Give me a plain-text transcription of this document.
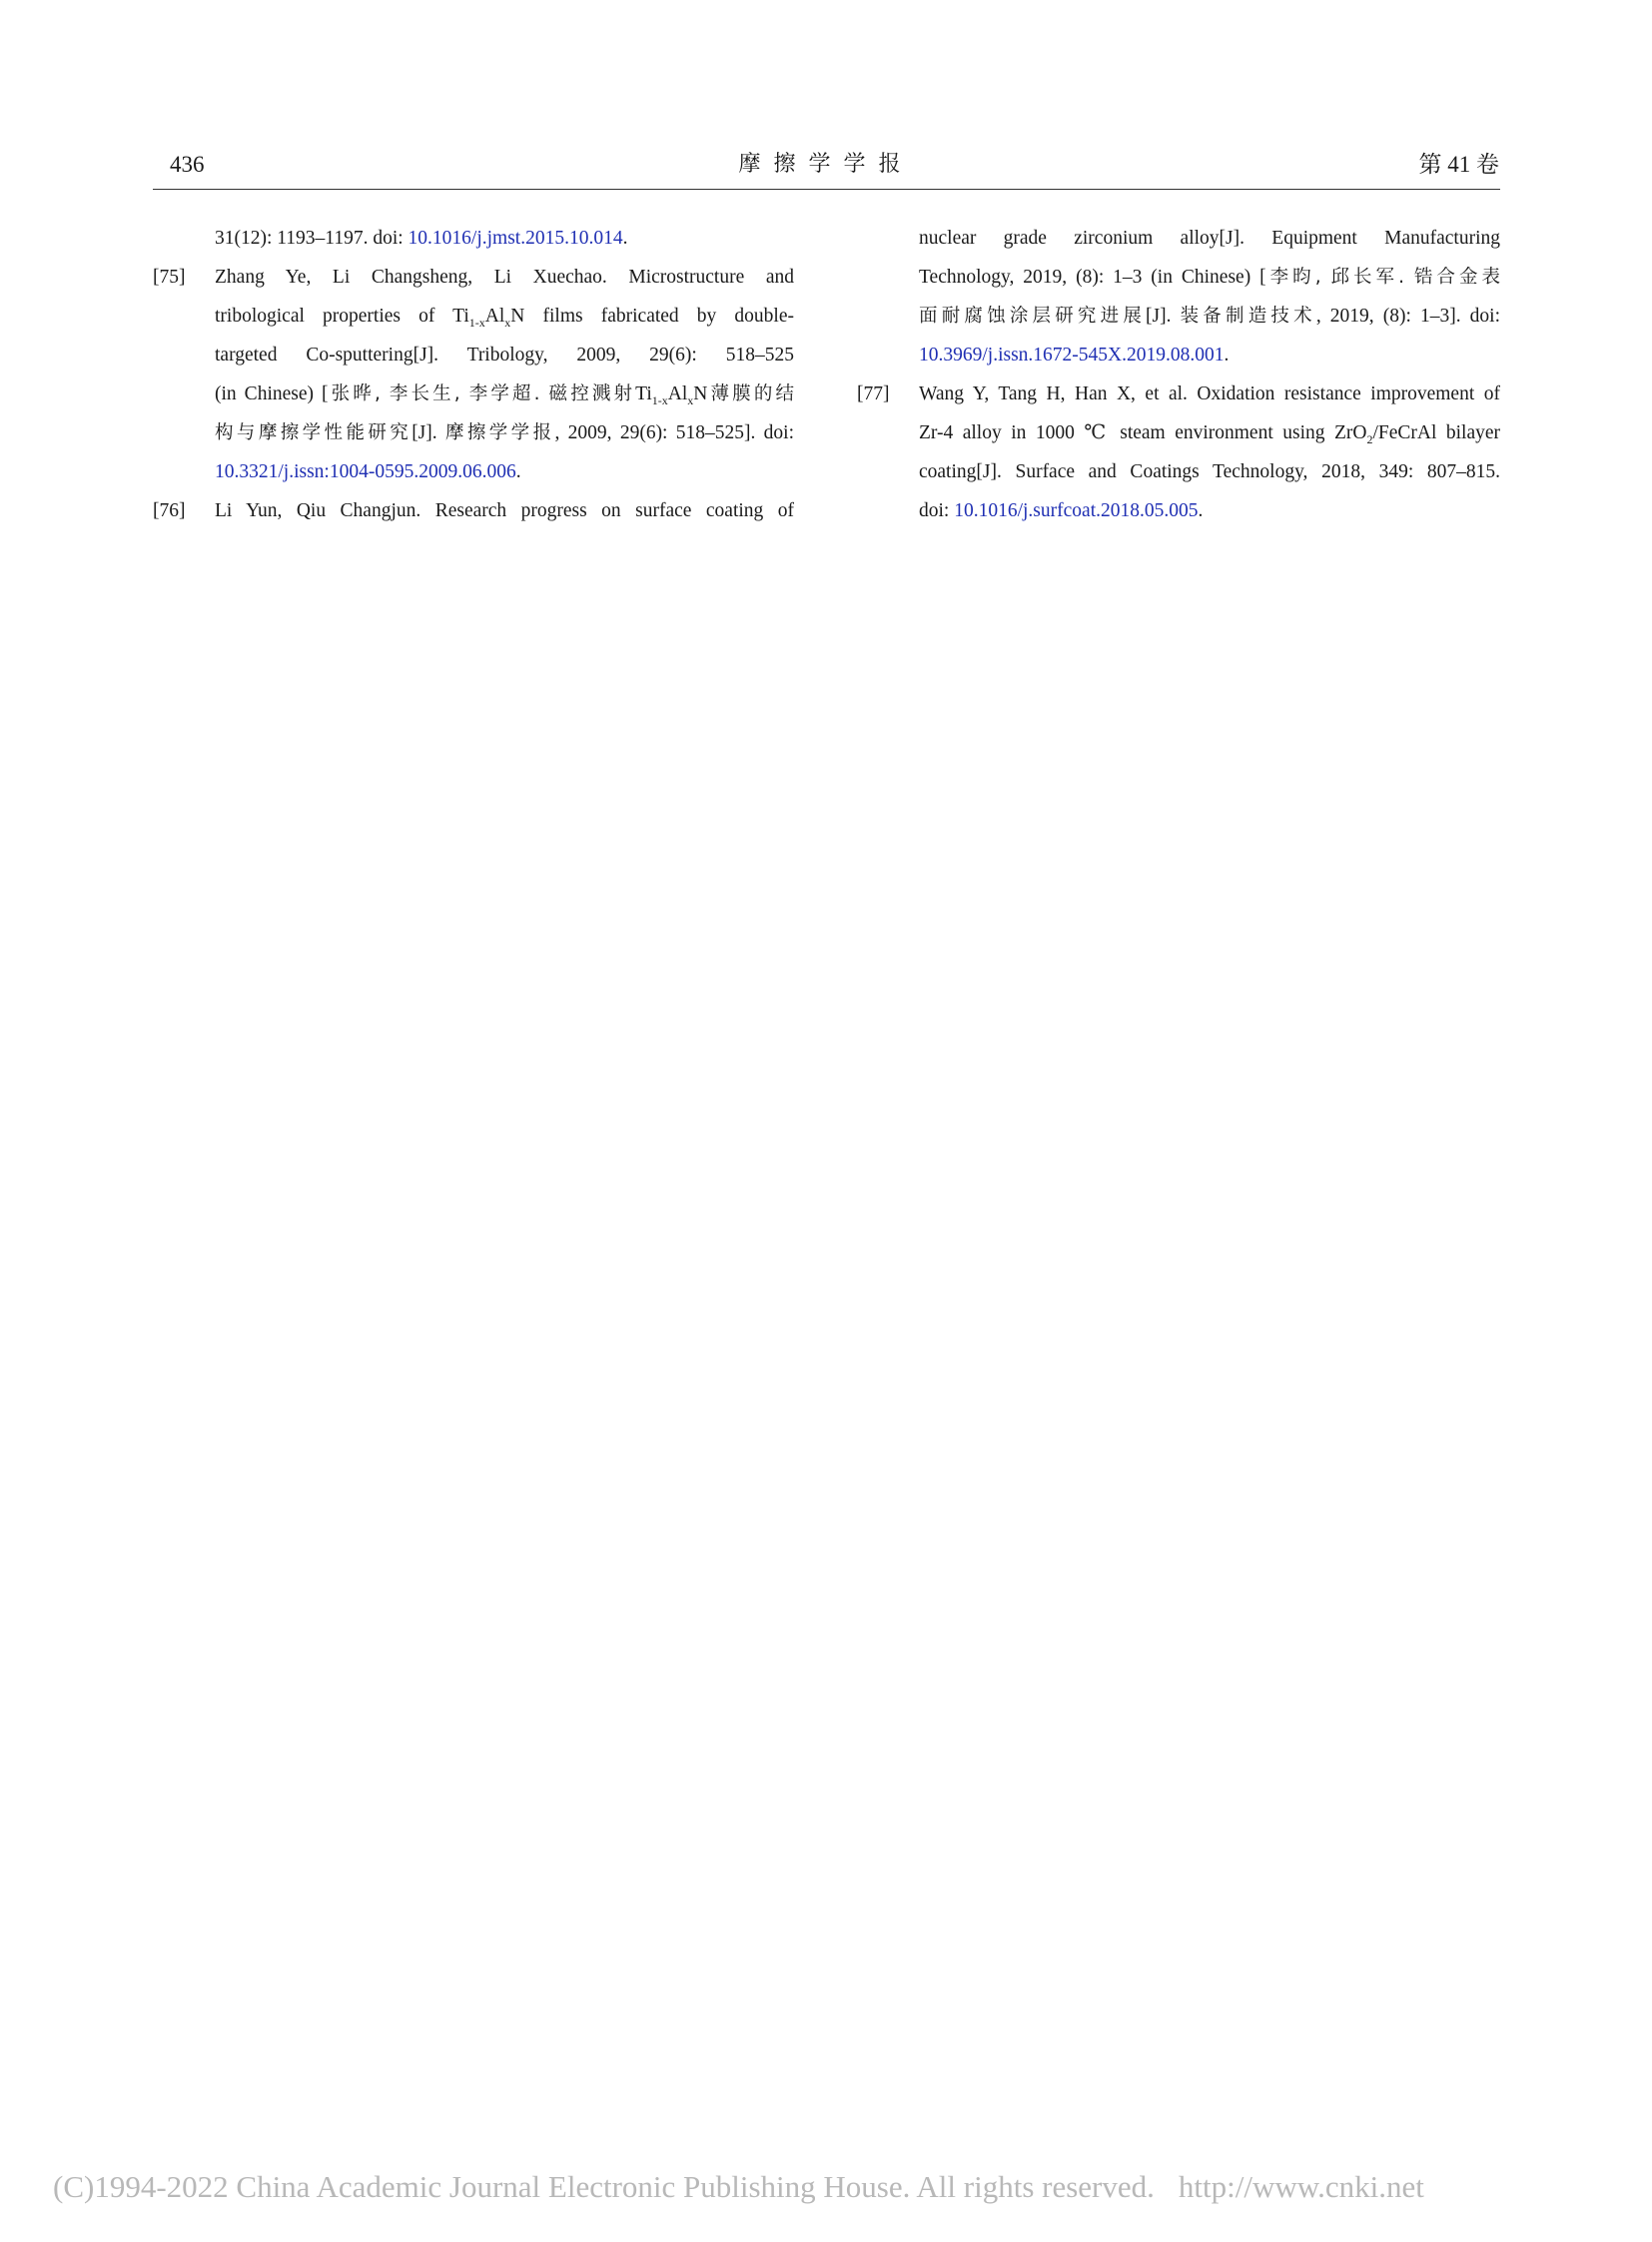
436	摩擦学学报	第 41 卷
31(12): 1193–1197. doi: 10.1016/j.jmst.2015.10.014.
[75]	Zhang Ye, Li Changsheng, Li Xuechao. Microstructure and
tribological properties of $Ti_{1-x}Al_xN$ films fabricated by double-
targeted Co-sputtering[J]. Tribology, 2009, 29(6): 518–525
(in Chinese) [张晔, 李长生, 李学超. 磁控溅射$Ti_{1-x}Al_xN$薄膜的结
构与摩擦学性能研究[J]. 摩擦学学报, 2009, 29(6): 518–525]. doi:
10.3321/j.issn:1004-0595.2009.06.006.
[76]	Li Yun, Qiu Changjun. Research progress on surface coating of
nuclear grade zirconium alloy[J]. Equipment Manufacturing
Technology, 2019, (8): 1–3 (in Chinese) [李昀, 邱长军. 锆合金表
面耐腐蚀涂层研究进展[J]. 装备制造技术, 2019, (8): 1–3]. doi:
10.3969/j.issn.1672-545X.2019.08.001.
[77]	Wang Y, Tang H, Han X, et al. Oxidation resistance improvement of
Zr-4 alloy in 1000 ℃ steam environment using ZrO$_2$/FeCrAl bilayer
coating[J]. Surface and Coatings Technology, 2018, 349: 807–815.
doi: 10.1016/j.surfcoat.2018.05.005.
(C)1994-2022 China Academic Journal Electronic Publishing House. All rights reserved. http://www.cnki.net
